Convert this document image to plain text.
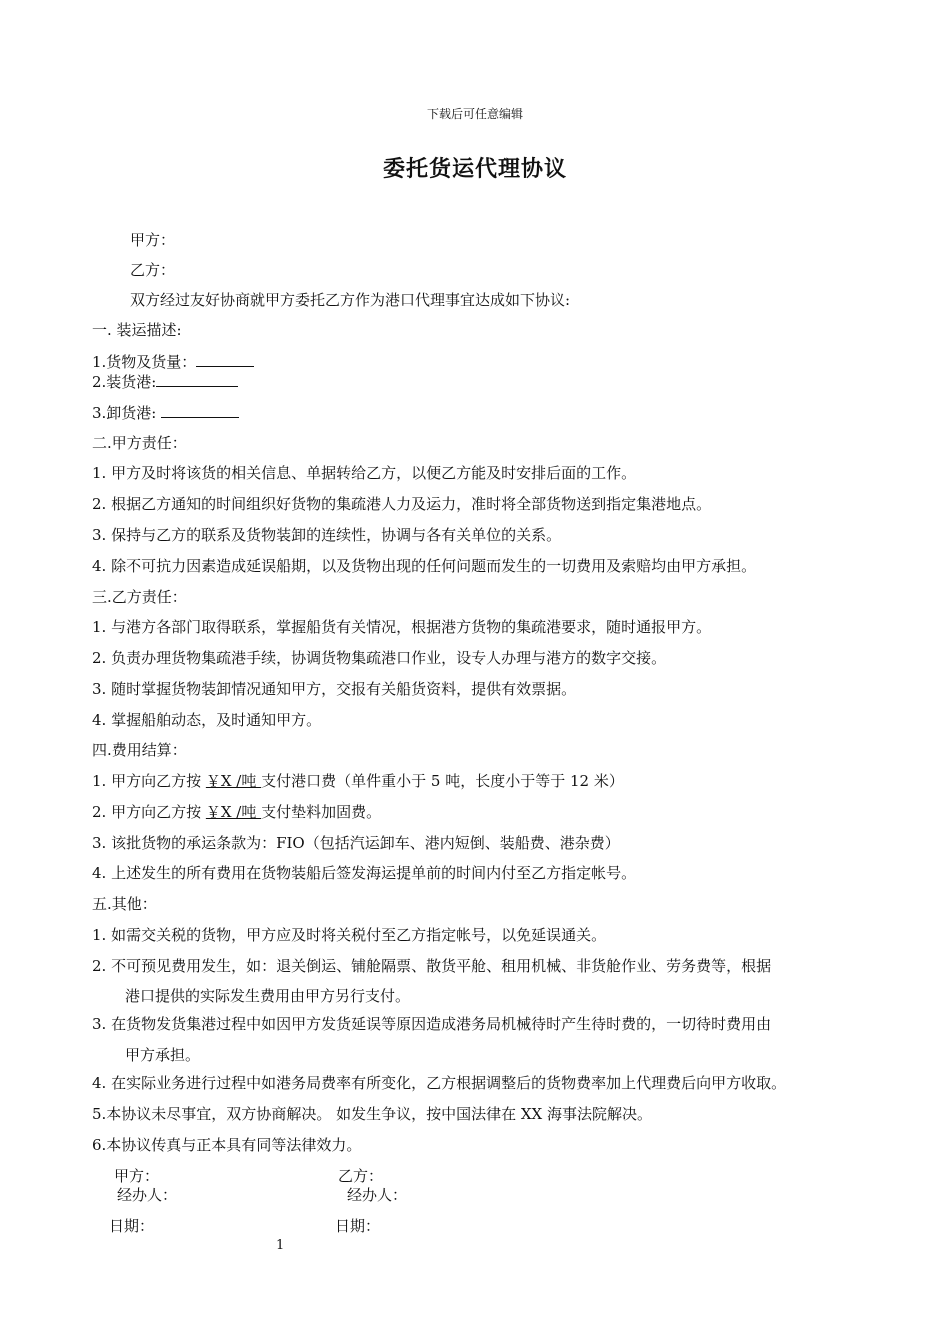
下载后可任意编辑
委托货运代理协议
甲方：
乙方：
双方经过友好协商就甲方委托乙方作为港口代理事宜达成如下协议:
一. 装运描述:
1.货物及货量：
2.装货港:
3.卸货港:
二.甲方责任：
1. 甲方及时将该货的相关信息、单据转给乙方，以便乙方能及时安排后面的工作。
2. 根据乙方通知的时间组织好货物的集疏港人力及运力，准时将全部货物送到指定集港地点。
3. 保持与乙方的联系及货物装卸的连续性，协调与各有关单位的关系。
4. 除不可抗力因素造成延误船期，以及货物出现的任何问题而发生的一切费用及索赔均由甲方承担。
三.乙方责任：
1. 与港方各部门取得联系，掌握船货有关情况，根据港方货物的集疏港要求，随时通报甲方。
2. 负责办理货物集疏港手续，协调货物集疏港口作业，设专人办理与港方的数字交接。
3. 随时掌握货物装卸情况通知甲方，交报有关船货资料，提供有效票据。
4. 掌握船舶动态，及时通知甲方。
四.费用结算：
1. 甲方向乙方按 ￥X /吨 支付港口费（单件重小于 5 吨，长度小于等于 12 米）
2. 甲方向乙方按 ￥X /吨 支付垫料加固费。
3. 该批货物的承运条款为：FIO（包括汽运卸车、港内短倒、装船费、港杂费）
4. 上述发生的所有费用在货物装船后签发海运提单前的时间内付至乙方指定帐号。
五.其他：
1. 如需交关税的货物，甲方应及时将关税付至乙方指定帐号，以免延误通关。
2. 不可预见费用发生，如：退关倒运、铺舱隔票、散货平舱、租用机械、非货舱作业、劳务费等，根据
港口提供的实际发生费用由甲方另行支付。
3. 在货物发货集港过程中如因甲方发货延误等原因造成港务局机械待时产生待时费的，一切待时费用由
甲方承担。
4. 在实际业务进行过程中如港务局费率有所变化，乙方根据调整后的货物费率加上代理费后向甲方收取。
5.本协议未尽事宜，双方协商解决。 如发生争议，按中国法律在 XX 海事法院解决。
6.本协议传真与正本具有同等法律效力。
甲方：	乙方：
经办人：	经办人：
日期：	日期：
1
